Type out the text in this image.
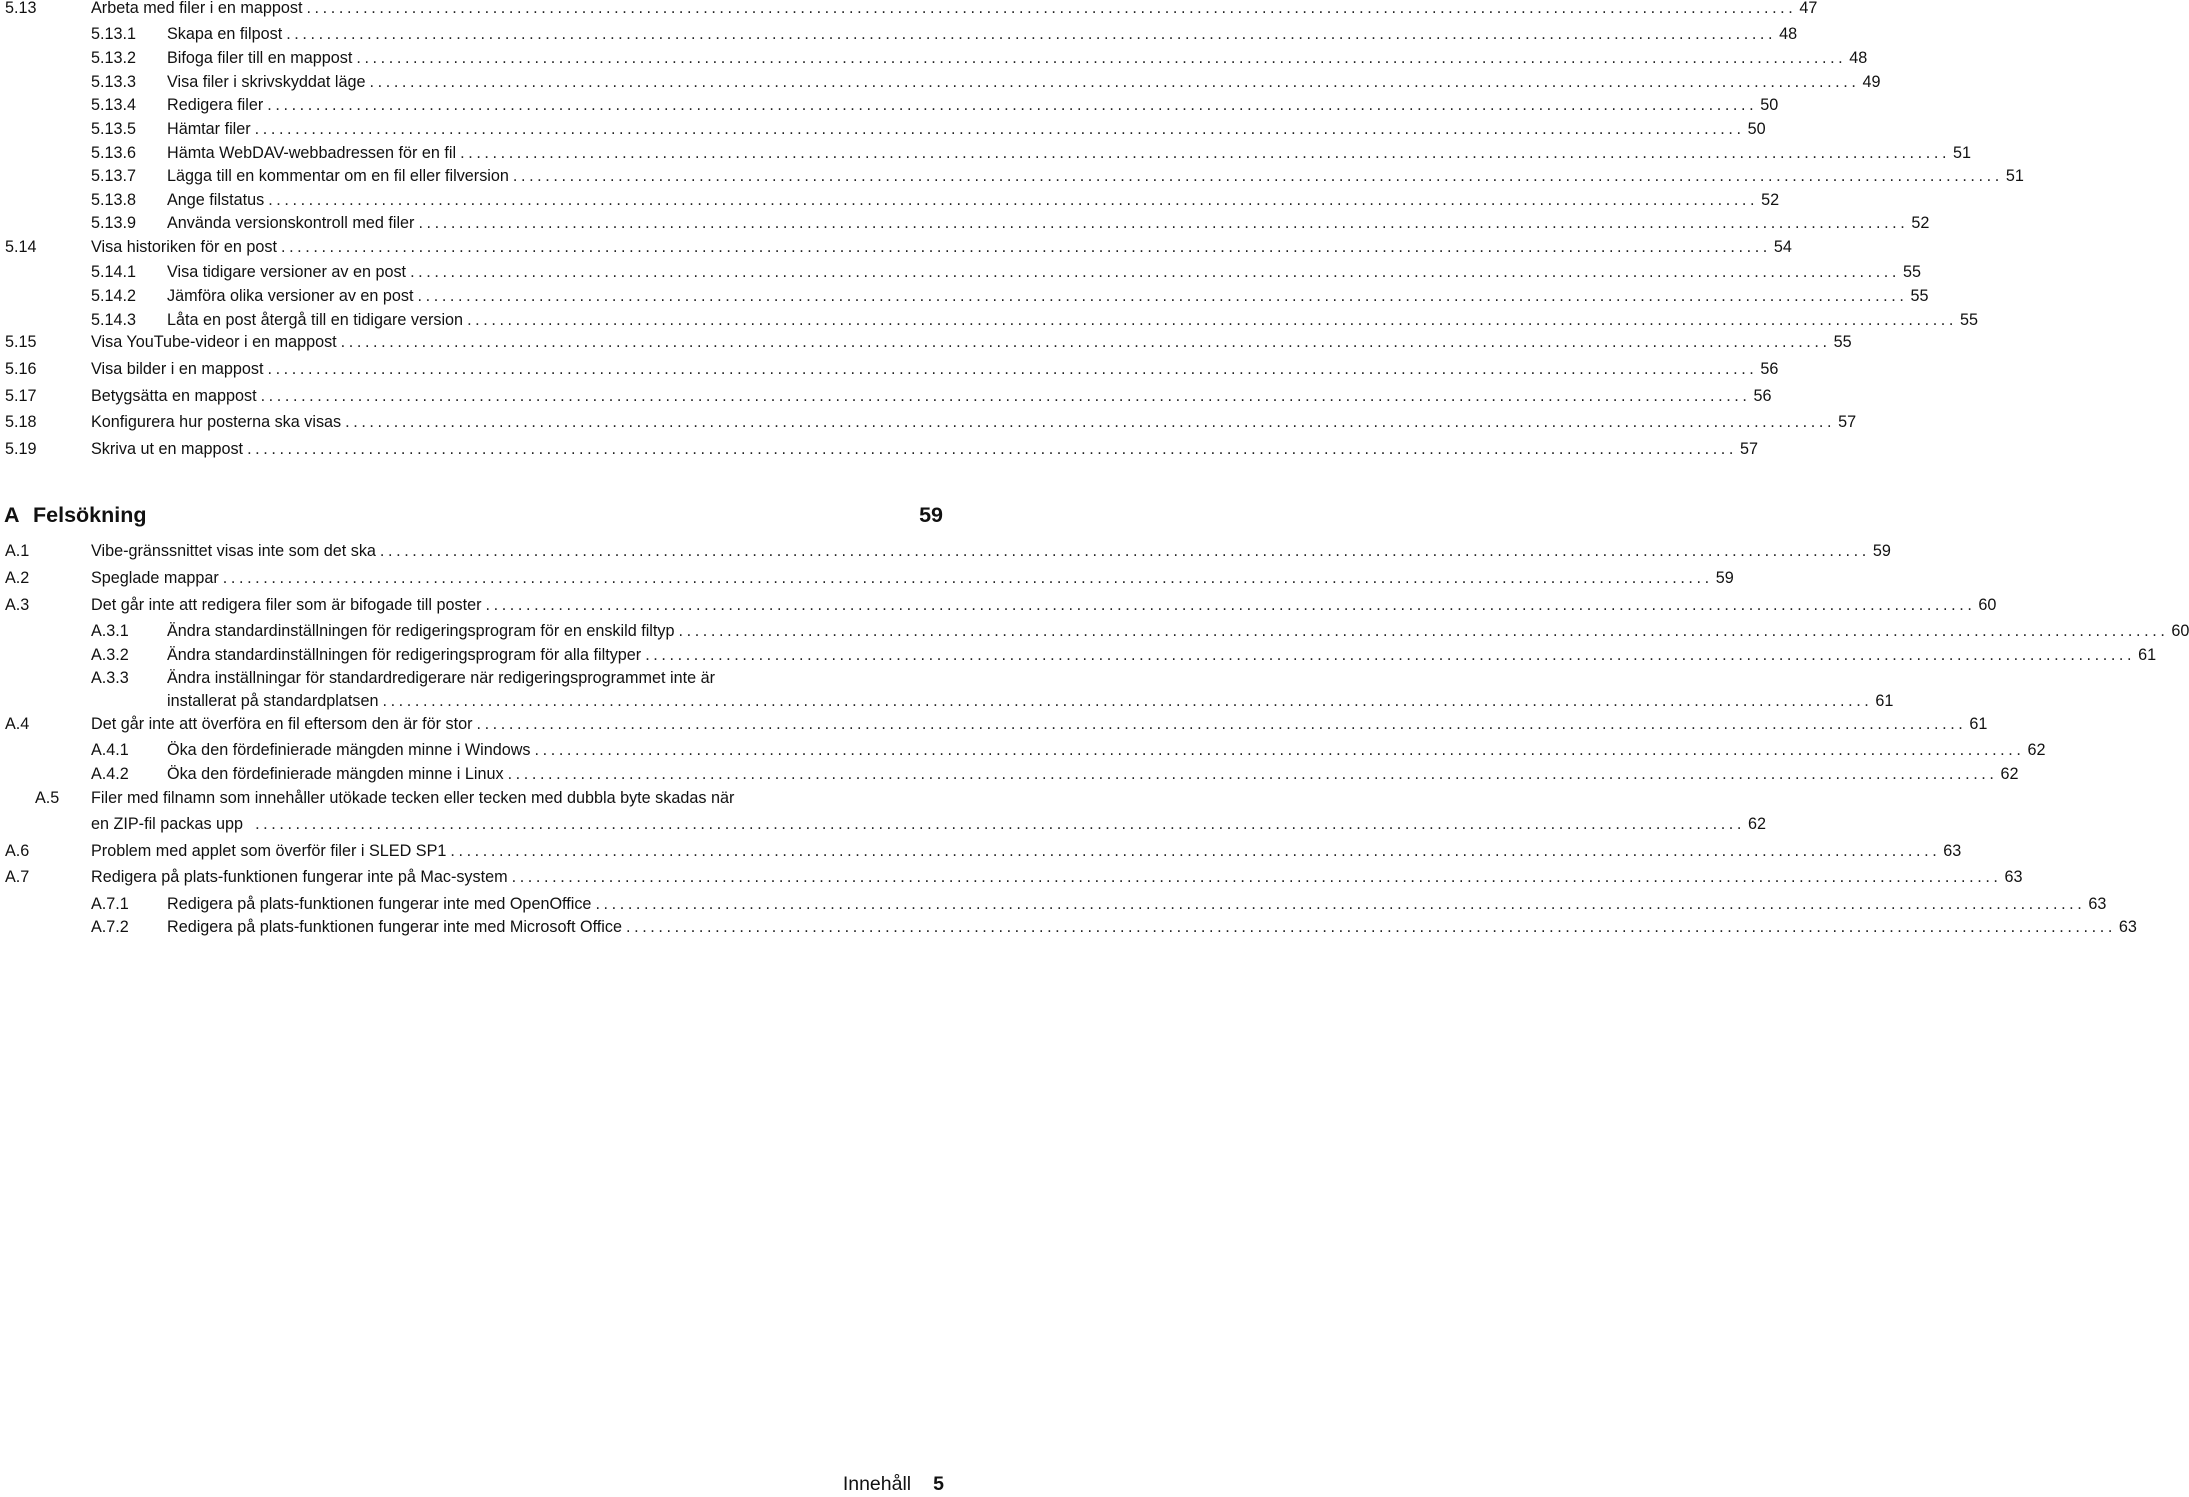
5.13	Arbeta med filer i en mappost ........................................................................................................................................................................................ 47
5.13.1 Skapa en filpost ........................................................................................................................................................................................ 48
5.13.2 Bifoga filer till en mappost ........................................................................................................................................................................................ 48
5.13.3 Visa filer i skrivskyddat läge ........................................................................................................................................................................................ 49
5.13.4 Redigera filer ........................................................................................................................................................................................ 50
5.13.5 Hämtar filer ........................................................................................................................................................................................ 50
5.13.6 Hämta WebDAV-webbadressen för en fil ........................................................................................................................................................................................ 51
5.13.7 Lägga till en kommentar om en fil eller filversion ........................................................................................................................................................................................ 51
5.13.8 Ange filstatus ........................................................................................................................................................................................ 52
5.13.9 Använda versionskontroll med filer ........................................................................................................................................................................................ 52
5.14	Visa historiken för en post ........................................................................................................................................................................................ 54
5.14.1 Visa tidigare versioner av en post ........................................................................................................................................................................................ 55
5.14.2 Jämföra olika versioner av en post ........................................................................................................................................................................................ 55
5.14.3 Låta en post återgå till en tidigare version ........................................................................................................................................................................................ 55
5.15	Visa YouTube-videor i en mappost ........................................................................................................................................................................................ 55
5.16	Visa bilder i en mappost ........................................................................................................................................................................................ 56
5.17	Betygsätta en mappost ........................................................................................................................................................................................ 56
5.18	Konfigurera hur posterna ska visas ........................................................................................................................................................................................ 57
5.19	Skriva ut en mappost ........................................................................................................................................................................................ 57
A Felsökning	59
A.1	Vibe-gränssnittet visas inte som det ska ........................................................................................................................................................................................ 59
A.2	Speglade mappar ........................................................................................................................................................................................ 59
A.3	Det går inte att redigera filer som är bifogade till poster ........................................................................................................................................................................................ 60
A.3.1 Ändra standardinställningen för redigeringsprogram för en enskild filtyp ........................................................................................................................................................................................ 60
A.3.2 Ändra standardinställningen för redigeringsprogram för alla filtyper ........................................................................................................................................................................................ 61
A.3.3 Ändra inställningar för standardredigerare när redigeringsprogrammet inte är
installerat på standardplatsen ........................................................................................................................................................................................ 61
A.4	Det går inte att överföra en fil eftersom den är för stor ........................................................................................................................................................................................ 61
A.4.1 Öka den fördefinierade mängden minne i Windows ........................................................................................................................................................................................ 62
A.4.2 Öka den fördefinierade mängden minne i Linux ........................................................................................................................................................................................ 62
A.5 Filer med filnamn som innehåller utökade tecken eller tecken med dubbla byte skadas när
en ZIP-fil packas upp ........................................................................................................................................................................................ 62
A.6	Problem med applet som överför filer i SLED SP1 ........................................................................................................................................................................................ 63
A.7	Redigera på plats-funktionen fungerar inte på Mac-system ........................................................................................................................................................................................ 63
A.7.1 Redigera på plats-funktionen fungerar inte med OpenOffice ........................................................................................................................................................................................ 63
A.7.2 Redigera på plats-funktionen fungerar inte med Microsoft Office ........................................................................................................................................................................................ 63
Innehåll 5
